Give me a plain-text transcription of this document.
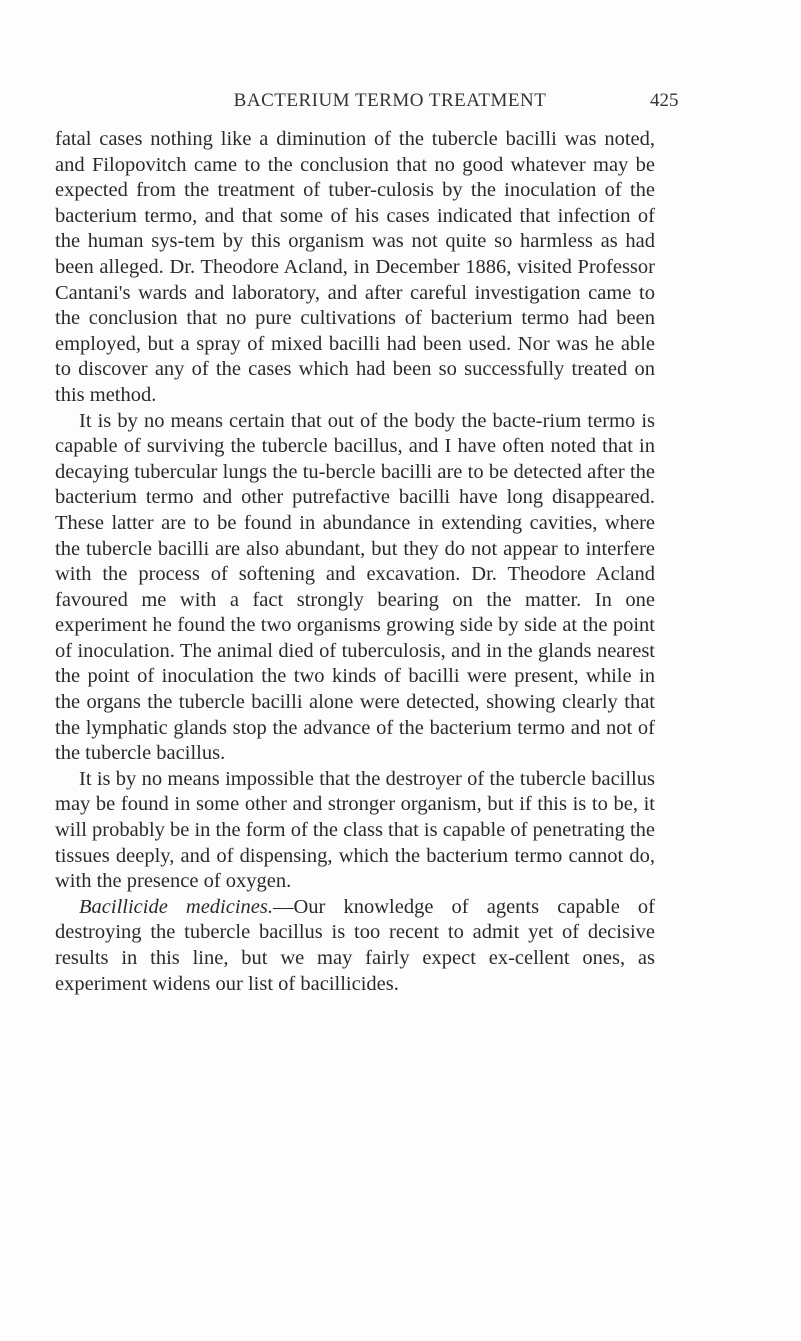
BACTERIUM TERMO TREATMENT	425

fatal cases nothing like a diminution of the tubercle bacilli was noted, and Filopovitch came to the conclusion that no good whatever may be expected from the treatment of tuber-culosis by the inoculation of the bacterium termo, and that some of his cases indicated that infection of the human sys-tem by this organism was not quite so harmless as had been alleged. Dr. Theodore Acland, in December 1886, visited Professor Cantani's wards and laboratory, and after careful investigation came to the conclusion that no pure cultivations of bacterium termo had been employed, but a spray of mixed bacilli had been used. Nor was he able to discover any of the cases which had been so successfully treated on this method.

It is by no means certain that out of the body the bacte-rium termo is capable of surviving the tubercle bacillus, and I have often noted that in decaying tubercular lungs the tu-bercle bacilli are to be detected after the bacterium termo and other putrefactive bacilli have long disappeared. These latter are to be found in abundance in extending cavities, where the tubercle bacilli are also abundant, but they do not appear to interfere with the process of softening and excavation. Dr. Theodore Acland favoured me with a fact strongly bearing on the matter. In one experiment he found the two organisms growing side by side at the point of inoculation. The animal died of tuberculosis, and in the glands nearest the point of inoculation the two kinds of bacilli were present, while in the organs the tubercle bacilli alone were detected, showing clearly that the lymphatic glands stop the advance of the bacterium termo and not of the tubercle bacillus.

It is by no means impossible that the destroyer of the tubercle bacillus may be found in some other and stronger organism, but if this is to be, it will probably be in the form of the class that is capable of penetrating the tissues deeply, and of dispensing, which the bacterium termo cannot do, with the presence of oxygen.

Bacillicide medicines.—Our knowledge of agents capable of destroying the tubercle bacillus is too recent to admit yet of decisive results in this line, but we may fairly expect ex-cellent ones, as experiment widens our list of bacillicides.
